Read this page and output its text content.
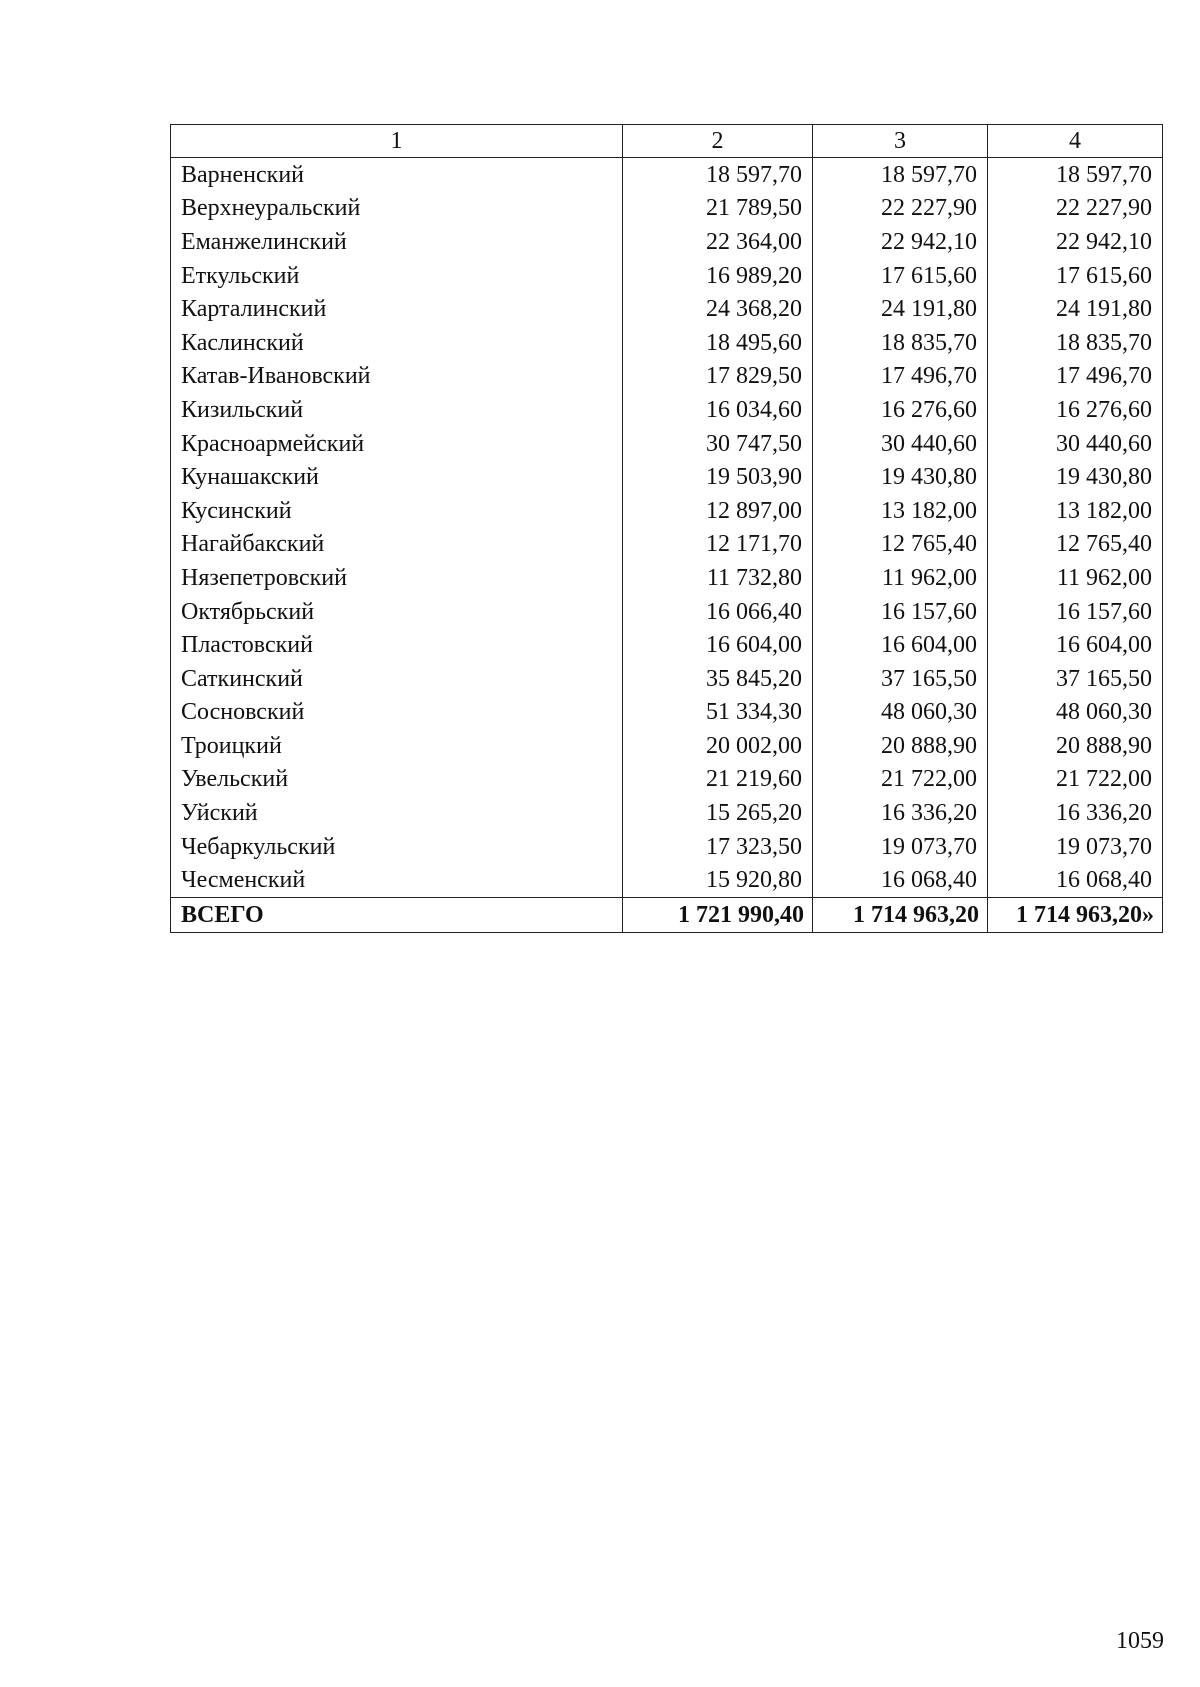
1	2	3	4
Варненский	18 597,70	18 597,70	18 597,70
Верхнеуральский	21 789,50	22 227,90	22 227,90
Еманжелинский	22 364,00	22 942,10	22 942,10
Еткульский	16 989,20	17 615,60	17 615,60
Карталинский	24 368,20	24 191,80	24 191,80
Каслинский	18 495,60	18 835,70	18 835,70
Катав-Ивановский	17 829,50	17 496,70	17 496,70
Кизильский	16 034,60	16 276,60	16 276,60
Красноармейский	30 747,50	30 440,60	30 440,60
Кунашакский	19 503,90	19 430,80	19 430,80
Кусинский	12 897,00	13 182,00	13 182,00
Нагайбакский	12 171,70	12 765,40	12 765,40
Нязепетровский	11 732,80	11 962,00	11 962,00
Октябрьский	16 066,40	16 157,60	16 157,60
Пластовский	16 604,00	16 604,00	16 604,00
Саткинский	35 845,20	37 165,50	37 165,50
Сосновский	51 334,30	48 060,30	48 060,30
Троицкий	20 002,00	20 888,90	20 888,90
Увельский	21 219,60	21 722,00	21 722,00
Уйский	15 265,20	16 336,20	16 336,20
Чебаркульский	17 323,50	19 073,70	19 073,70
Чесменский	15 920,80	16 068,40	16 068,40
ВСЕГО	1 721 990,40	1 714 963,20	1 714 963,20»
1059
